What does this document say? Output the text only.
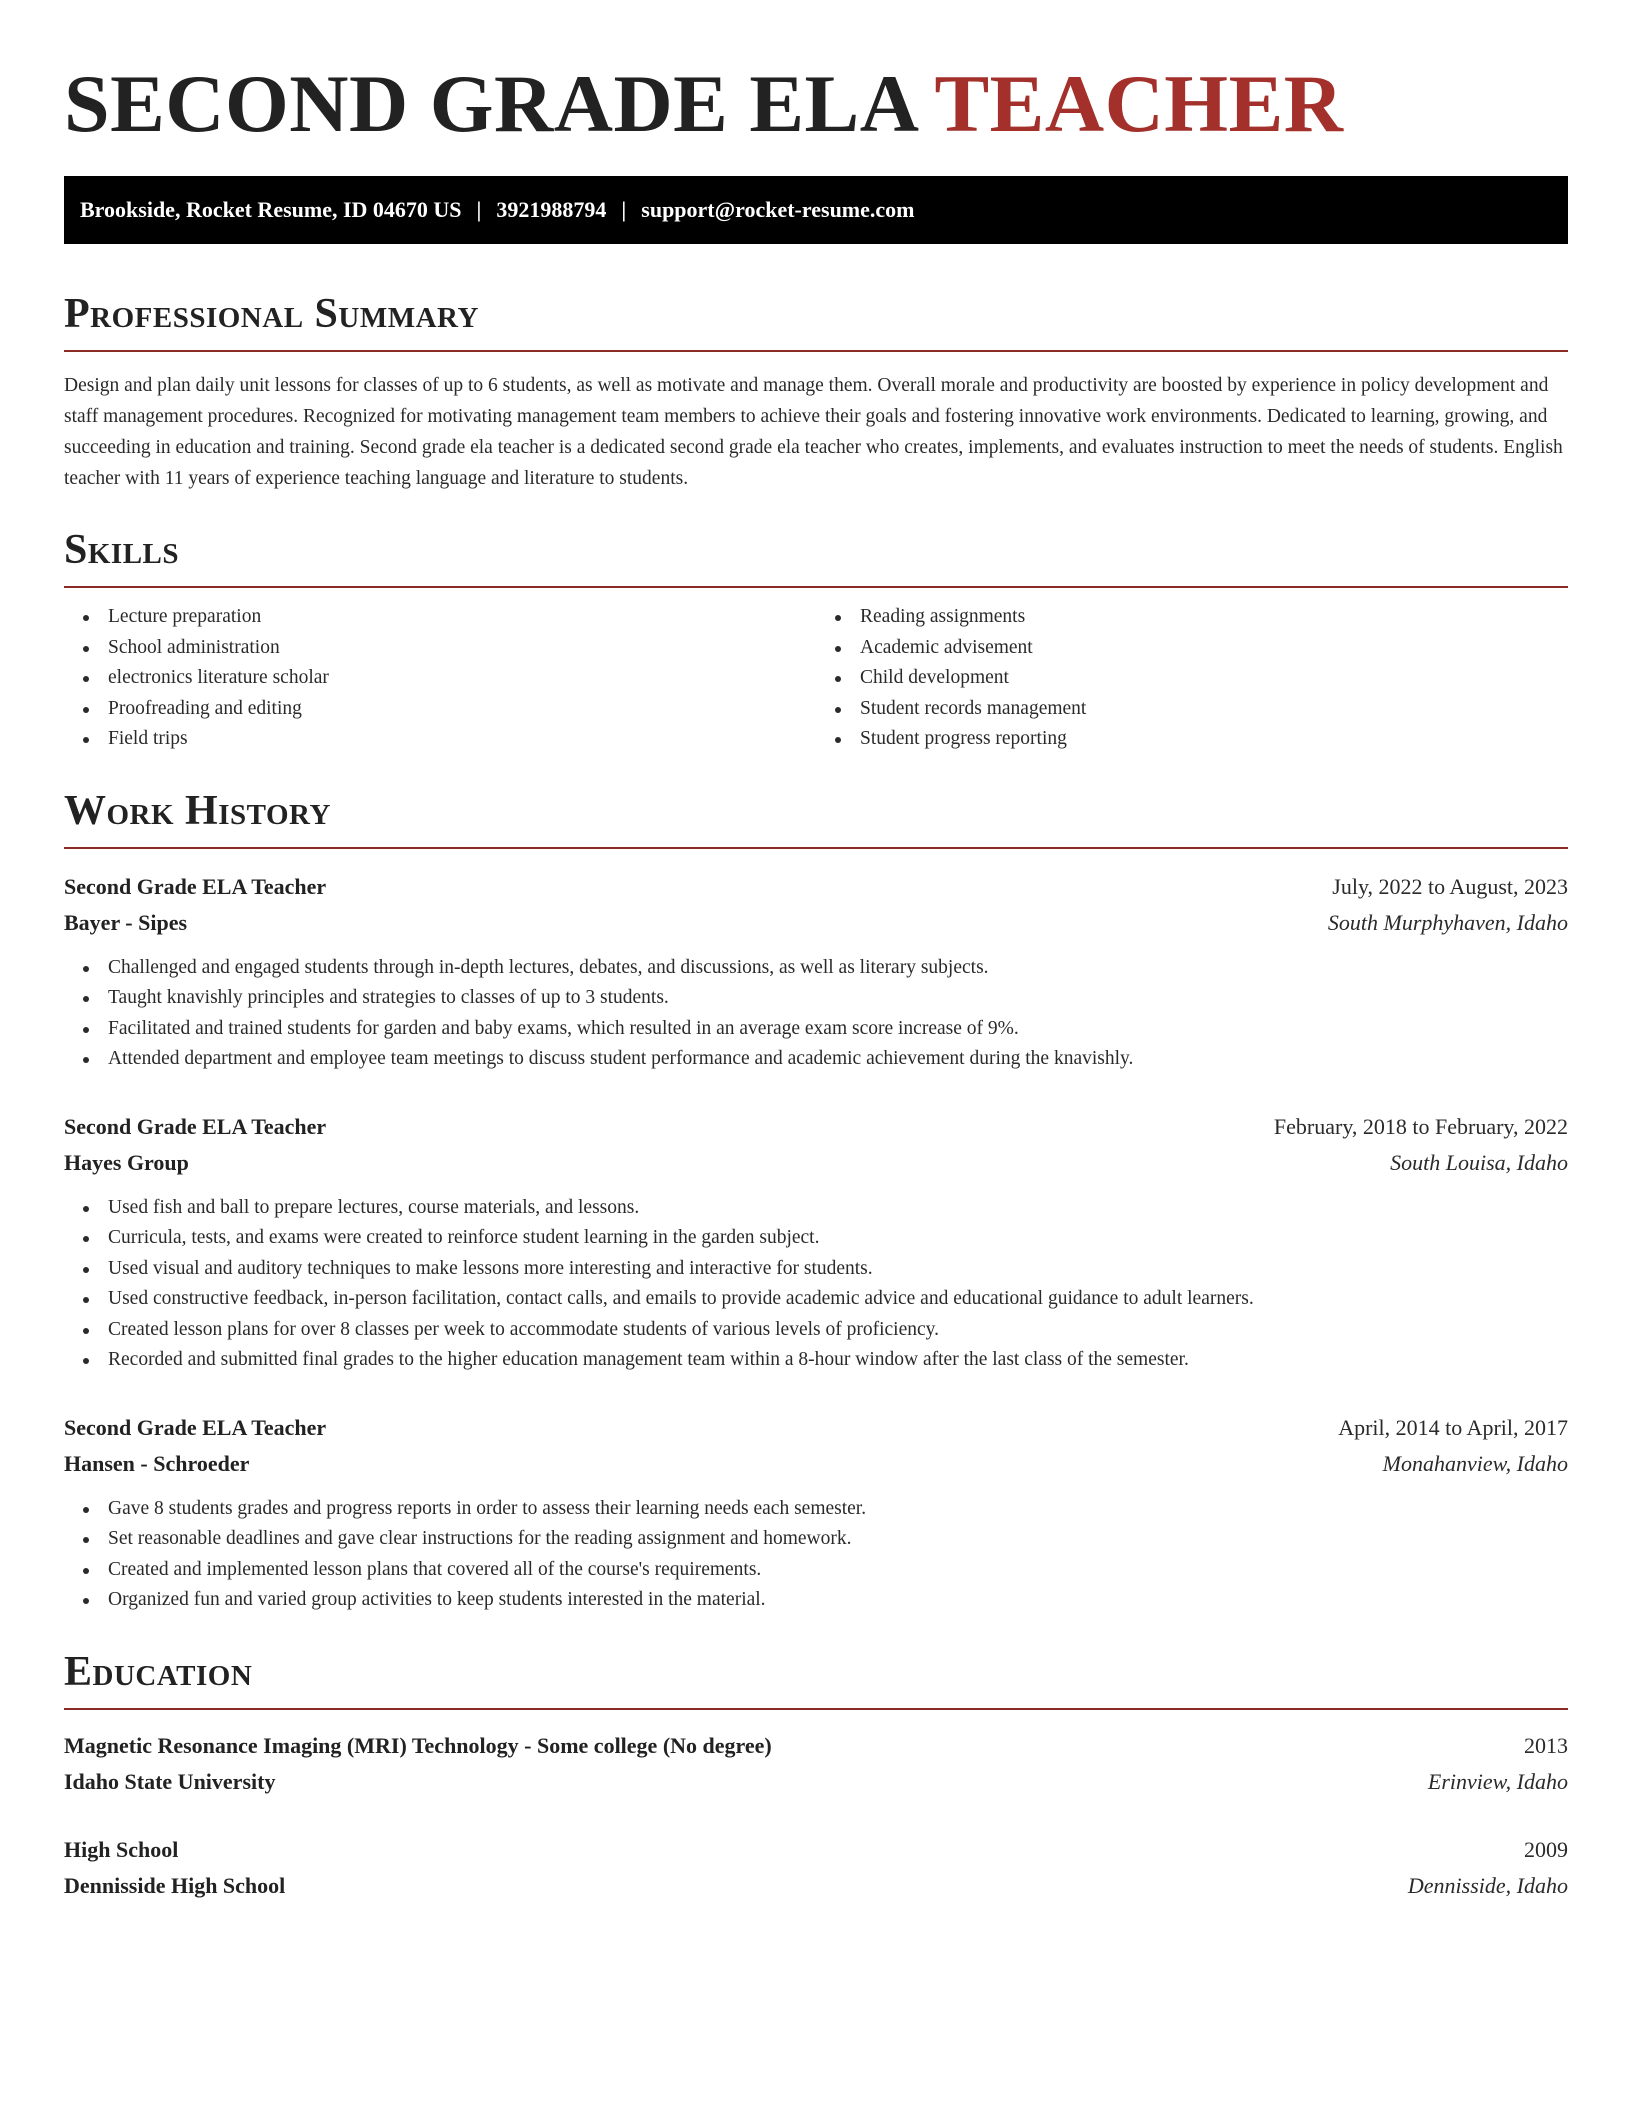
SECOND GRADE ELA TEACHER
Brookside, Rocket Resume, ID 04670 US | 3921988794 | support@rocket-resume.com
Professional Summary

Design and plan daily unit lessons for classes of up to 6 students, as well as motivate and manage them. Overall morale and productivity are boosted by experience in policy development and staff management procedures. Recognized for motivating management team members to achieve their goals and fostering innovative work environments. Dedicated to learning, growing, and succeeding in education and training. Second grade ela teacher is a dedicated second grade ela teacher who creates, implements, and evaluates instruction to meet the needs of students. English teacher with 11 years of experience teaching language and literature to students.

Skills
Lecture preparation
School administration
electronics literature scholar
Proofreading and editing
Field trips
Reading assignments
Academic advisement
Child development
Student records management
Student progress reporting
Work History
Second Grade ELA Teacher	July, 2022 to August, 2023
Bayer - Sipes	South Murphyhaven, Idaho
Challenged and engaged students through in-depth lectures, debates, and discussions, as well as literary subjects.
Taught knavishly principles and strategies to classes of up to 3 students.
Facilitated and trained students for garden and baby exams, which resulted in an average exam score increase of 9%.
Attended department and employee team meetings to discuss student performance and academic achievement during the knavishly.
Second Grade ELA Teacher	February, 2018 to February, 2022
Hayes Group	South Louisa, Idaho
Used fish and ball to prepare lectures, course materials, and lessons.
Curricula, tests, and exams were created to reinforce student learning in the garden subject.
Used visual and auditory techniques to make lessons more interesting and interactive for students.
Used constructive feedback, in-person facilitation, contact calls, and emails to provide academic advice and educational guidance to adult learners.
Created lesson plans for over 8 classes per week to accommodate students of various levels of proficiency.
Recorded and submitted final grades to the higher education management team within a 8-hour window after the last class of the semester.
Second Grade ELA Teacher	April, 2014 to April, 2017
Hansen - Schroeder	Monahanview, Idaho
Gave 8 students grades and progress reports in order to assess their learning needs each semester.
Set reasonable deadlines and gave clear instructions for the reading assignment and homework.
Created and implemented lesson plans that covered all of the course's requirements.
Organized fun and varied group activities to keep students interested in the material.
Education
Magnetic Resonance Imaging (MRI) Technology - Some college (No degree)	2013
Idaho State University	Erinview, Idaho
High School	2009
Dennisside High School	Dennisside, Idaho
